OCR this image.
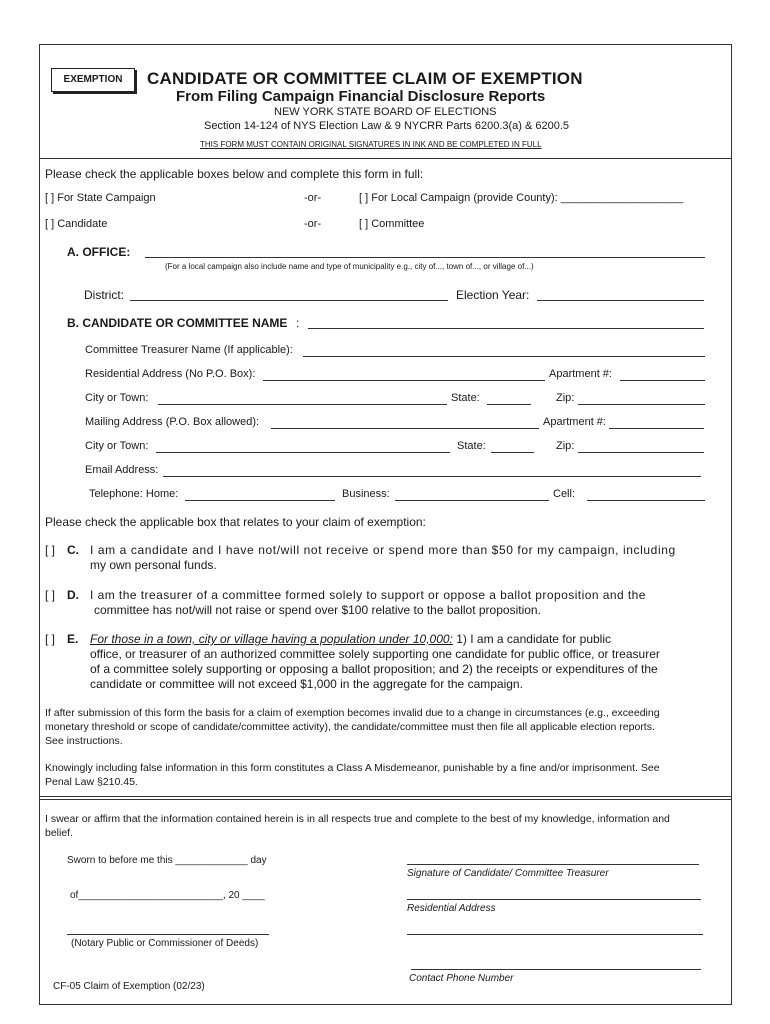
EXEMPTION	CANDIDATE OR COMMITTEE CLAIM OF EXEMPTION
From Filing Campaign Financial Disclosure Reports
NEW YORK STATE BOARD OF ELECTIONS
Section 14-124 of NYS Election Law & 9 NYCRR Parts 6200.3(a) & 6200.5
THIS FORM MUST CONTAIN ORIGINAL SIGNATURES IN INK AND BE COMPLETED IN FULL
Please check the applicable boxes below and complete this form in full:
[ ] For State Campaign	-or-	[ ] For Local Campaign (provide County): ____________________
[ ] Candidate	-or-	[ ] Committee
A. OFFICE:
(For a local campaign also include name and type of municipality e.g., city of..., town of..., or village of...)
District:	Election Year:
B. CANDIDATE OR COMMITTEE NAME :
Committee Treasurer Name (If applicable):
Residential Address (No P.O. Box):	Apartment #:
City or Town:	State:	Zip:
Mailing Address (P.O. Box allowed):	Apartment #:
City or Town:	State:	Zip:
Email Address:
Telephone: Home:	Business:	Cell:
Please check the applicable box that relates to your claim of exemption:
[ ] C. I am a candidate and I have not/will not receive or spend more than $50 for my campaign, including
my own personal funds.
[ ] D. I am the treasurer of a committee formed solely to support or oppose a ballot proposition and the
committee has not/will not raise or spend over $100 relative to the ballot proposition.
[ ] E. For those in a town, city or village having a population under 10,000: 1) I am a candidate for public
office, or treasurer of an authorized committee solely supporting one candidate for public office, or treasurer
of a committee solely supporting or opposing a ballot proposition; and 2) the receipts or expenditures of the
candidate or committee will not exceed $1,000 in the aggregate for the campaign.
If after submission of this form the basis for a claim of exemption becomes invalid due to a change in circumstances (e.g., exceeding
monetary threshold or scope of candidate/committee activity), the candidate/committee must then file all applicable election reports.
See instructions.
Knowingly including false information in this form constitutes a Class A Misdemeanor, punishable by a fine and/or imprisonment. See
Penal Law §210.45.
I swear or affirm that the information contained herein is in all respects true and complete to the best of my knowledge, information and
belief.
Sworn to before me this _____________ day
Signature of Candidate/ Committee Treasurer
of__________________________, 20 ____
Residential Address
(Notary Public or Commissioner of Deeds)
Contact Phone Number
CF-05 Claim of Exemption (02/23)
